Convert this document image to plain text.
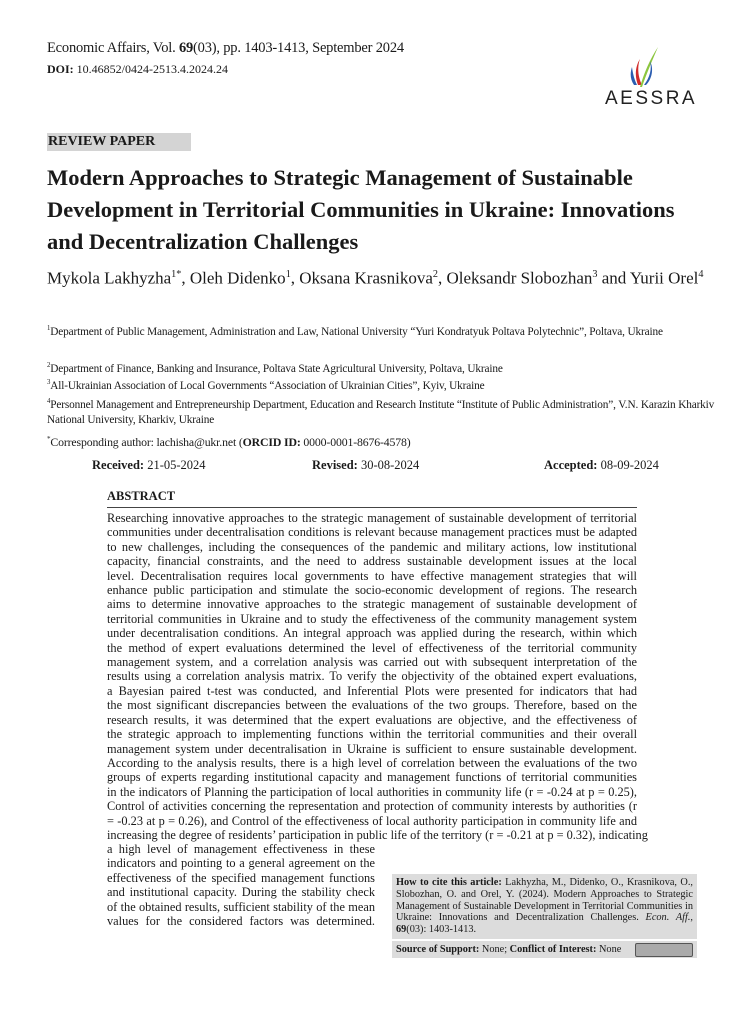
Economic Affairs, Vol. 69(03), pp. 1403-1413, September 2024
DOI: 10.46852/0424-2513.4.2024.24
AESSRA
REVIEW PAPER
Modern Approaches to Strategic Management of Sustainable Development in Territorial Communities in Ukraine: Innovations and Decentralization Challenges
Mykola Lakhyzha$^{1*}$, Oleh Didenko$^1$, Oksana Krasnikova$^2$, Oleksandr Slobozhan$^3$ and Yurii Orel$^4$
$^1$Department of Public Management, Administration and Law, National University “Yuri Kondratyuk Poltava Polytechnic”, Poltava, Ukraine
$^2$Department of Finance, Banking and Insurance, Poltava State Agricultural University, Poltava, Ukraine
$^3$All-Ukrainian Association of Local Governments “Association of Ukrainian Cities”, Kyiv, Ukraine
$^4$Personnel Management and Entrepreneurship Department, Education and Research Institute “Institute of Public Administration”, V.N. Karazin Kharkiv National University, Kharkiv, Ukraine
*Corresponding author: lachisha@ukr.net (ORCID ID: 0000-0001-8676-4578)
Received: 21-05-2024	Revised: 30-08-2024	Accepted: 08-09-2024
ABSTRACT
Researching innovative approaches to the strategic management of sustainable development of territorial
communities under decentralisation conditions is relevant because management practices must be adapted
to new challenges, including the consequences of the pandemic and military actions, low institutional
capacity, financial constraints, and the need to address sustainable development issues at the local
level. Decentralisation requires local governments to have effective management strategies that will
enhance public participation and stimulate the socio-economic development of regions. The research
aims to determine innovative approaches to the strategic management of sustainable development of
territorial communities in Ukraine and to study the effectiveness of the community management system
under decentralisation conditions. An integral approach was applied during the research, within which
the method of expert evaluations determined the level of effectiveness of the territorial community
management system, and a correlation analysis was carried out with subsequent interpretation of the
results using a correlation analysis matrix. To verify the objectivity of the obtained expert evaluations,
a Bayesian paired t-test was conducted, and Inferential Plots were presented for indicators that had
the most significant discrepancies between the evaluations of the two groups. Therefore, based on the
research results, it was determined that the expert evaluations are objective, and the effectiveness of
the strategic approach to implementing functions within the territorial communities and their overall
management system under decentralisation in Ukraine is sufficient to ensure sustainable development.
According to the analysis results, there is a high level of correlation between the evaluations of the two
groups of experts regarding institutional capacity and management functions of territorial communities
in the indicators of Planning the participation of local authorities in community life (r = -0.24 at p = 0.25),
Control of activities concerning the representation and protection of community interests by authorities (r
= -0.23 at p = 0.26), and Control of the effectiveness of local authority participation in community life and
increasing the degree of residents’ participation in public life of the territory (r = -0.21 at p = 0.32), indicating
a high level of management effectiveness in these
indicators and pointing to a general agreement on the
effectiveness of the specified management functions
and institutional capacity. During the stability check
of the obtained results, sufficient stability of the mean
values for the considered factors was determined.
How to cite this article: Lakhyzha, M., Didenko, O., Krasnikova, O., Slobozhan, O. and Orel, Y. (2024). Modern Approaches to Strategic Management of Sustainable Development in Territorial Communities in Ukraine: Innovations and Decentralization Challenges. Econ. Aff., 69(03): 1403-1413.
Source of Support: None; Conflict of Interest: None
